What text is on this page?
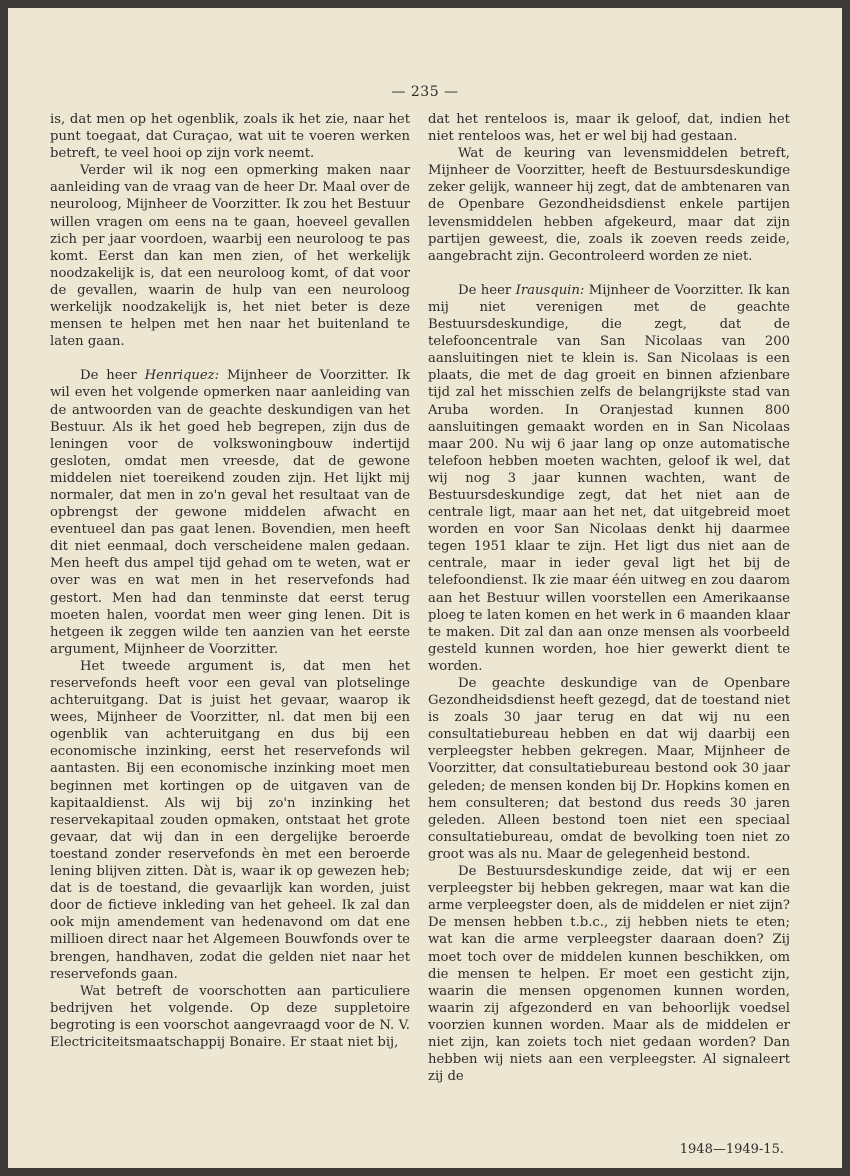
— 235 —

is, dat men op het ogenblik, zoals ik het zie, naar het punt toegaat, dat Curaçao, wat uit te voeren werken betreft, te veel hooi op zijn vork neemt.

Verder wil ik nog een opmerking maken naar aanleiding van de vraag van de heer Dr. Maal over de neuroloog, Mijnheer de Voorzitter. Ik zou het Bestuur willen vragen om eens na te gaan, hoeveel gevallen zich per jaar voordoen, waarbij een neuroloog te pas komt. Eerst dan kan men zien, of het werkelijk noodzakelijk is, dat een neuroloog komt, of dat voor de gevallen, waarin de hulp van een neuroloog werkelijk noodzakelijk is, het niet beter is deze mensen te helpen met hen naar het buitenland te laten gaan.

De heer Henriquez: Mijnheer de Voorzitter. Ik wil even het volgende opmerken naar aanleiding van de antwoorden van de geachte deskundigen van het Bestuur. Als ik het goed heb begrepen, zijn dus de leningen voor de volkswoningbouw indertijd gesloten, omdat men vreesde, dat de gewone middelen niet toereikend zouden zijn. Het lijkt mij normaler, dat men in zo'n geval het resultaat van de opbrengst der gewone middelen afwacht en eventueel dan pas gaat lenen. Bovendien, men heeft dit niet eenmaal, doch verscheidene malen gedaan. Men heeft dus ampel tijd gehad om te weten, wat er over was en wat men in het reservefonds had gestort. Men had dan tenminste dat eerst terug moeten halen, voordat men weer ging lenen. Dit is hetgeen ik zeggen wilde ten aanzien van het eerste argument, Mijnheer de Voorzitter.

Het tweede argument is, dat men het reservefonds heeft voor een geval van plotselinge achteruitgang. Dat is juist het gevaar, waarop ik wees, Mijnheer de Voorzitter, nl. dat men bij een ogenblik van achteruitgang en dus bij een economische inzinking, eerst het reservefonds wil aantasten. Bij een economische inzinking moet men beginnen met kortingen op de uitgaven van de kapitaaldienst. Als wij bij zo'n inzinking het reservekapitaal zouden opmaken, ontstaat het grote gevaar, dat wij dan in een dergelijke beroerde toestand zonder reservefonds èn met een beroerde lening blijven zitten. Dàt is, waar ik op gewezen heb; dat is de toestand, die gevaarlijk kan worden, juist door de fictieve inkleding van het geheel. Ik zal dan ook mijn amendement van hedenavond om dat ene millioen direct naar het Algemeen Bouwfonds over te brengen, handhaven, zodat die gelden niet naar het reservefonds gaan.

Wat betreft de voorschotten aan particuliere bedrijven het volgende. Op deze suppletoire begroting is een voorschot aangevraagd voor de N. V. Electriciteitsmaatschappij Bonaire. Er staat niet bij,

dat het renteloos is, maar ik geloof, dat, indien het niet renteloos was, het er wel bij had gestaan.

Wat de keuring van levensmiddelen betreft, Mijnheer de Voorzitter, heeft de Bestuursdeskundige zeker gelijk, wanneer hij zegt, dat de ambtenaren van de Openbare Gezondheidsdienst enkele partijen levensmiddelen hebben afgekeurd, maar dat zijn partijen geweest, die, zoals ik zoeven reeds zeide, aangebracht zijn. Gecontroleerd worden ze niet.

De heer Irausquin: Mijnheer de Voorzitter. Ik kan mij niet verenigen met de geachte Bestuursdeskundige, die zegt, dat de telefooncentrale van San Nicolaas van 200 aansluitingen niet te klein is. San Nicolaas is een plaats, die met de dag groeit en binnen afzienbare tijd zal het misschien zelfs de belangrijkste stad van Aruba worden. In Oranjestad kunnen 800 aansluitingen gemaakt worden en in San Nicolaas maar 200. Nu wij 6 jaar lang op onze automatische telefoon hebben moeten wachten, geloof ik wel, dat wij nog 3 jaar kunnen wachten, want de Bestuursdeskundige zegt, dat het niet aan de centrale ligt, maar aan het net, dat uitgebreid moet worden en voor San Nicolaas denkt hij daarmee tegen 1951 klaar te zijn. Het ligt dus niet aan de centrale, maar in ieder geval ligt het bij de telefoondienst. Ik zie maar één uitweg en zou daarom aan het Bestuur willen voorstellen een Amerikaanse ploeg te laten komen en het werk in 6 maanden klaar te maken. Dit zal dan aan onze mensen als voorbeeld gesteld kunnen worden, hoe hier gewerkt dient te worden.

De geachte deskundige van de Openbare Gezondheidsdienst heeft gezegd, dat de toestand niet is zoals 30 jaar terug en dat wij nu een consultatiebureau hebben en dat wij daarbij een verpleegster hebben gekregen. Maar, Mijnheer de Voorzitter, dat consultatiebureau bestond ook 30 jaar geleden; de mensen konden bij Dr. Hopkins komen en hem consulteren; dat bestond dus reeds 30 jaren geleden. Alleen bestond toen niet een speciaal consultatiebureau, omdat de bevolking toen niet zo groot was als nu. Maar de gelegenheid bestond.

De Bestuursdeskundige zeide, dat wij er een verpleegster bij hebben gekregen, maar wat kan die arme verpleegster doen, als de middelen er niet zijn? De mensen hebben t.b.c., zij hebben niets te eten; wat kan die arme verpleegster daaraan doen? Zij moet toch over de middelen kunnen beschikken, om die mensen te helpen. Er moet een gesticht zijn, waarin die mensen opgenomen kunnen worden, waarin zij afgezonderd en van behoorlijk voedsel voorzien kunnen worden. Maar als de middelen er niet zijn, kan zoiets toch niet gedaan worden? Dan hebben wij niets aan een verpleegster. Al signaleert zij de

1948—1949-15.
